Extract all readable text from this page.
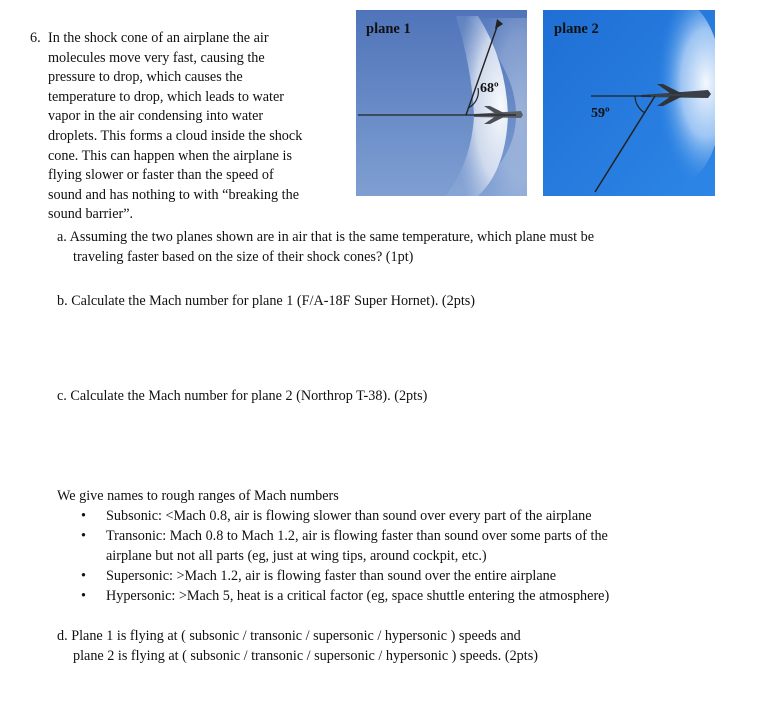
6. In the shock cone of an airplane the air
molecules move very fast, causing the
pressure to drop, which causes the
temperature to drop, which leads to water
vapor in the air condensing into water
droplets. This forms a cloud inside the shock
cone. This can happen when the airplane is
flying slower or faster than the speed of
sound and has nothing to with “breaking the
sound barrier”.
plane 1
68º
plane 2
59º
a. Assuming the two planes shown are in air that is the same temperature, which plane must be
traveling faster based on the size of their shock cones? (1pt)
b. Calculate the Mach number for plane 1 (F/A-18F Super Hornet). (2pts)
c. Calculate the Mach number for plane 2 (Northrop T-38). (2pts)
We give names to rough ranges of Mach numbers
• Subsonic: <Mach 0.8, air is flowing slower than sound over every part of the airplane
• Transonic: Mach 0.8 to Mach 1.2, air is flowing faster than sound over some parts of the
airplane but not all parts (eg, just at wing tips, around cockpit, etc.)
• Supersonic: >Mach 1.2, air is flowing faster than sound over the entire airplane
• Hypersonic: >Mach 5, heat is a critical factor (eg, space shuttle entering the atmosphere)
d. Plane 1 is flying at ( subsonic / transonic / supersonic / hypersonic ) speeds and
plane 2 is flying at ( subsonic / transonic / supersonic / hypersonic ) speeds. (2pts)
